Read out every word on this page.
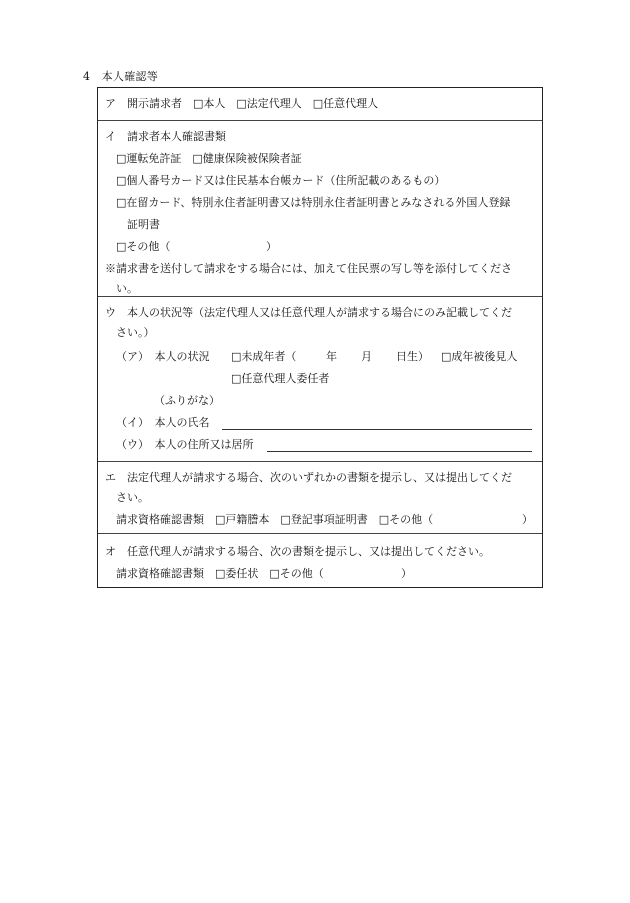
4　本人確認等
ア　開示請求者　□本人　□法定代理人　□任意代理人
イ　請求者本人確認書類
□運転免許証　□健康保険被保険者証
□個人番号カード又は住民基本台帳カード（住所記載のあるもの）
□在留カード、特別永住者証明書又は特別永住者証明書とみなされる外国人登録
証明書
□その他（	）
※請求書を送付して請求をする場合には、加えて住民票の写し等を添付してくださ
い。
ウ　本人の状況等（法定代理人又は任意代理人が請求する場合にのみ記載してくだ
さい。）
（ア）　本人の状況 □未成年者（	年 月 日生） □成年被後見人
□任意代理人委任者
（ふりがな）
（イ）　本人の氏名
（ウ）　本人の住所又は居所
エ　法定代理人が請求する場合、次のいずれかの書類を提示し、又は提出してくだ
さい。
請求資格確認書類　□戸籍謄本　□登記事項証明書　□その他（	）
オ　任意代理人が請求する場合、次の書類を提示し、又は提出してください。
請求資格確認書類　□委任状　□その他（	）
